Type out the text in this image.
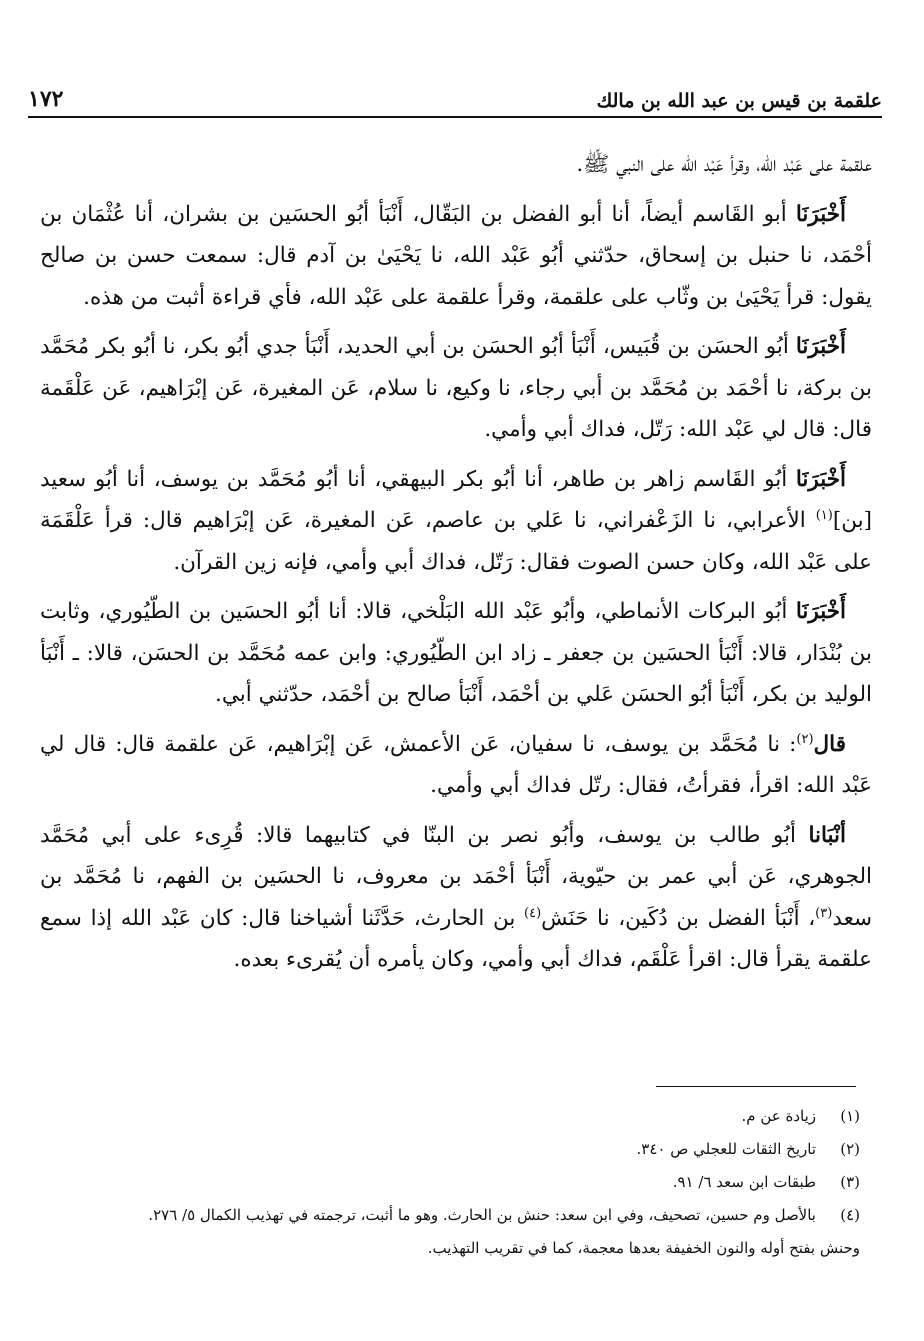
١٧٢	علقمة بن قيس بن عبد الله بن مالك

علقمة على عَبْد الله، وقرأ عَبْد الله على النبي ﷺ.

أَخْبَرَنَا أبو القَاسم أيضاً، أنا أبو الفضل بن البَقّال، أَنْبَأ أبُو الحسَين بن بشران، أنا عُثْمَان بن أحْمَد، نا حنبل بن إسحاق، حدّثني أبُو عَبْد الله، نا يَحْيَىٰ بن آدم قال: سمعت حسن بن صالح يقول: قرأ يَحْيَىٰ بن وثّاب على علقمة، وقرأ علقمة على عَبْد الله، فأي قراءة أثبت من هذه.

أَخْبَرَنَا أبُو الحسَن بن قُبَيس، أَنْبَأ أبُو الحسَن بن أبي الحديد، أَنْبَأ جدي أبُو بكر، نا أبُو بكر مُحَمَّد بن بركة، نا أحْمَد بن مُحَمَّد بن أبي رجاء، نا وكيع، نا سلام، عَن المغيرة، عَن إبْرَاهيم، عَن عَلْقَمة قال: قال لي عَبْد الله: رَتّل، فداك أبي وأمي.

أَخْبَرَنَا أبُو القَاسم زاهر بن طاهر، أنا أبُو بكر البيهقي، أنا أبُو مُحَمَّد بن يوسف، أنا أبُو سعيد [بن]$^{(١)}$ الأعرابي، نا الزَعْفراني، نا عَلي بن عاصم، عَن المغيرة، عَن إبْرَاهيم قال: قرأ عَلْقَمَة على عَبْد الله، وكان حسن الصوت فقال: رَتّل، فداك أبي وأمي، فإنه زين القرآن.

أَخْبَرَنَا أبُو البركات الأنماطي، وأبُو عَبْد الله البَلْخي، قالا: أنا أبُو الحسَين بن الطّيُوري، وثابت بن بُنْدَار، قالا: أَنْبَأ الحسَين بن جعفر ـ زاد ابن الطّيُوري: وابن عمه مُحَمَّد بن الحسَن، قالا: ـ أَنْبَأ الوليد بن بكر، أَنْبَأ أبُو الحسَن عَلي بن أحْمَد، أَنْبَأ صالح بن أحْمَد، حدّثني أبي.

قال$^{(٢)}$: نا مُحَمَّد بن يوسف، نا سفيان، عَن الأعمش، عَن إبْرَاهيم، عَن علقمة قال: قال لي عَبْد الله: اقرأ، فقرأتُ، فقال: رتّل فداك أبي وأمي.

أنْبَانا أبُو طالب بن يوسف، وأبُو نصر بن البنّا في كتابيهما قالا: قُرِىء على أبي مُحَمَّد الجوهري، عَن أبي عمر بن حيّوية، أَنْبَأ أحْمَد بن معروف، نا الحسَين بن الفهم، نا مُحَمَّد بن سعد$^{(٣)}$، أَنْبَأ الفضل بن دُكَين، نا حَنَش$^{(٤)}$ بن الحارث، حَدَّثَنا أشياخنا قال: كان عَبْد الله إذا سمع علقمة يقرأ قال: اقرأ عَلْقَم، فداك أبي وأمي، وكان يأمره أن يُقرىء بعده.

(١)
زيادة عن م.
(٢)
تاريخ الثقات للعجلي ص ٣٤٠.
(٣)
طبقات ابن سعد ٦/ ٩١.
(٤)
بالأصل وم حسين، تصحيف، وفي ابن سعد: حنش بن الحارث. وهو ما أثبت، ترجمته في تهذيب الكمال ٥/ ٢٧٦.
وحنش بفتح أوله والنون الخفيفة بعدها معجمة، كما في تقريب التهذيب.
